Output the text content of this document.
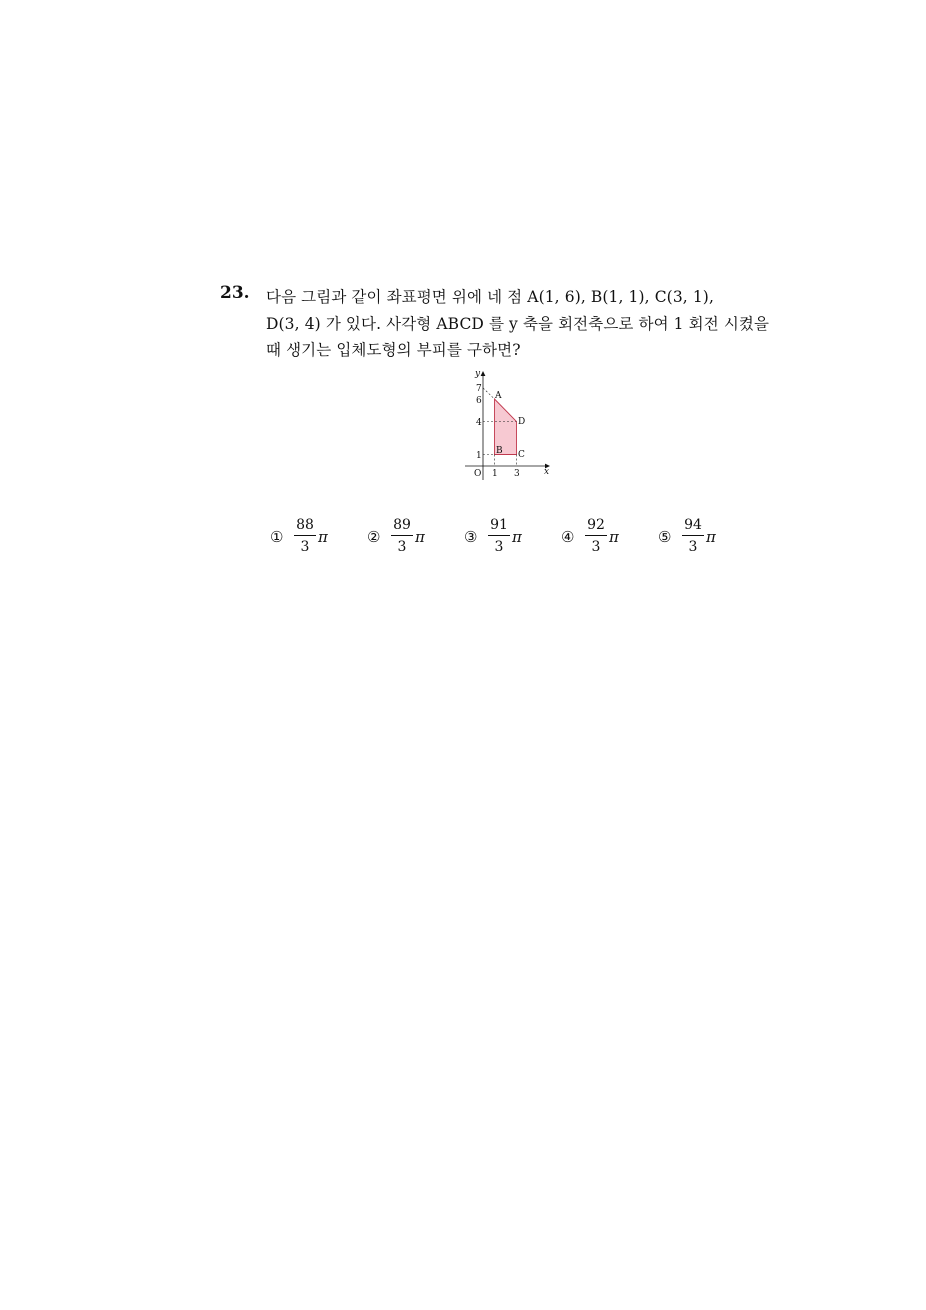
23. 다음 그림과 같이 좌표평면 위에 네 점 A(1, 6), B(1, 1), C(3, 1),
D(3, 4) 가 있다. 사각형 ABCD 를 y 축을 회전축으로 하여 1 회전 시켰을
때 생기는 입체도형의 부피를 구하면?
y
x
O
7
6
4
1
1 3
A
B C
D
①
88
3
π	②
89
3
π	③
91
3
π	④
92
3
π	⑤
94
3
π
